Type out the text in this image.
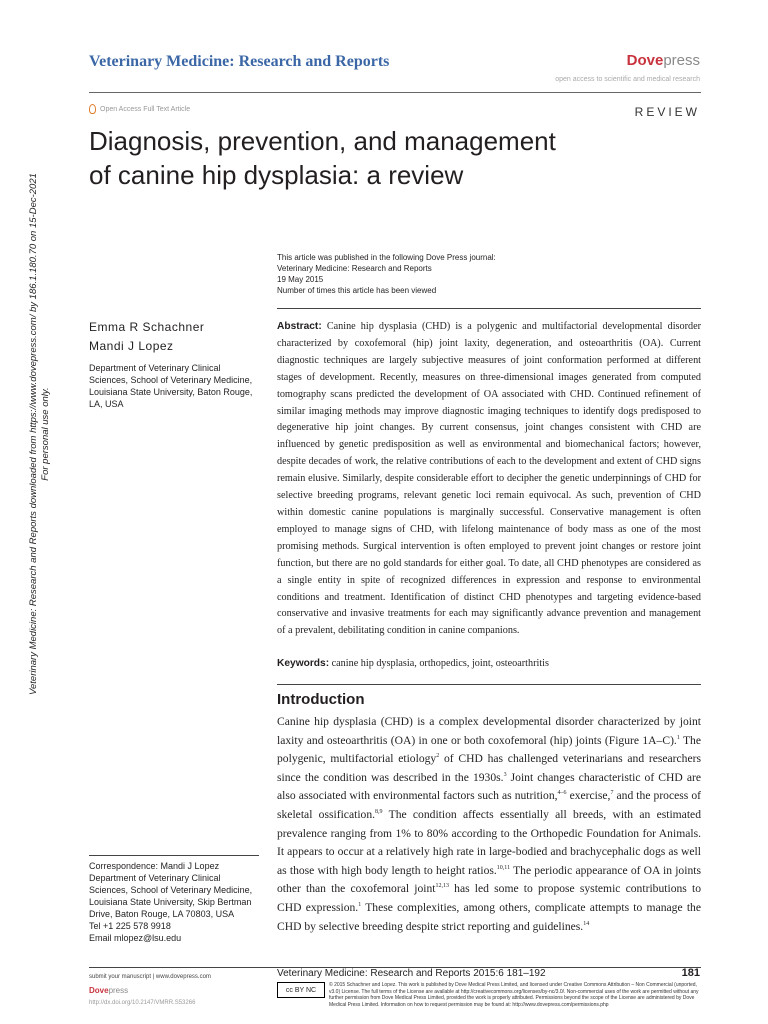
Veterinary Medicine: Research and Reports	Dovepress
open access to scientific and medical research
Open Access Full Text Article	REVIEW
Diagnosis, prevention, and management
of canine hip dysplasia: a review
This article was published in the following Dove Press journal:
Veterinary Medicine: Research and Reports
19 May 2015
Number of times this article has been viewed
Emma R Schachner
Mandi J Lopez
Department of Veterinary Clinical Sciences, School of Veterinary Medicine, Louisiana State University, Baton Rouge, LA, USA
Abstract: Canine hip dysplasia (CHD) is a polygenic and multifactorial developmental disorder characterized by coxofemoral (hip) joint laxity, degeneration, and osteoarthritis (OA). Current diagnostic techniques are largely subjective measures of joint conformation performed at different stages of development. Recently, measures on three-dimensional images generated from computed tomography scans predicted the development of OA associated with CHD. Continued refinement of similar imaging methods may improve diagnostic imaging techniques to identify dogs predisposed to degenerative hip joint changes. By current consensus, joint changes consistent with CHD are influenced by genetic predisposition as well as environmental and biomechanical factors; however, despite decades of work, the relative contributions of each to the development and extent of CHD signs remain elusive. Similarly, despite considerable effort to decipher the genetic underpinnings of CHD for selective breeding programs, relevant genetic loci remain equivocal. As such, prevention of CHD within domestic canine populations is marginally successful. Conservative management is often employed to manage signs of CHD, with lifelong maintenance of body mass as one of the most promising methods. Surgical intervention is often employed to prevent joint changes or restore joint function, but there are no gold standards for either goal. To date, all CHD phenotypes are considered as a single entity in spite of recognized differences in expression and response to environmental conditions and treatment. Identification of distinct CHD phenotypes and targeting evidence-based conservative and invasive treatments for each may significantly advance prevention and management of a prevalent, debilitating condition in canine companions.
Keywords: canine hip dysplasia, orthopedics, joint, osteoarthritis
Introduction
Canine hip dysplasia (CHD) is a complex developmental disorder characterized by joint laxity and osteoarthritis (OA) in one or both coxofemoral (hip) joints (Figure 1A–C).$^1$ The polygenic, multifactorial etiology$^2$ of CHD has challenged veterinarians and researchers since the condition was described in the 1930s.$^3$ Joint changes characteristic of CHD are also associated with environmental factors such as nutrition,$^{4-6}$ exercise,$^7$ and the process of skeletal ossification.$^{8,9}$ The condition affects essentially all breeds, with an estimated prevalence ranging from 1% to 80% according to the Orthopedic Foundation for Animals. It appears to occur at a relatively high rate in large-bodied and brachycephalic dogs as well as those with high body length to height ratios.$^{10,11}$ The periodic appearance of OA in joints other than the coxofemoral joint$^{12,13}$ has led some to propose systemic contributions to CHD expression.$^1$ These complexities, among others, complicate attempts to manage the CHD by selective breeding despite strict reporting and guidelines.$^{14}$
Correspondence: Mandi J Lopez
Department of Veterinary Clinical
Sciences, School of Veterinary Medicine,
Louisiana State University, Skip Bertman
Drive, Baton Rouge, LA 70803, USA
Tel +1 225 578 9918
Email mlopez@lsu.edu
submit your manuscript | www.dovepress.com
Dovepress
http://dx.doi.org/10.2147/VMRR.S53266
Veterinary Medicine: Research and Reports 2015:6 181–192	181
cc BY NC
© 2015 Schachner and Lopez. This work is published by Dove Medical Press Limited, and licensed under Creative Commons Attribution – Non Commercial (unported, v3.0) License. The full terms of the License are available at http://creativecommons.org/licenses/by-nc/3.0/. Non-commercial uses of the work are permitted without any further permission from Dove Medical Press Limited, provided the work is properly attributed. Permissions beyond the scope of the License are administered by Dove Medical Press Limited. Information on how to request permission may be found at: http://www.dovepress.com/permissions.php
Veterinary Medicine: Research and Reports downloaded from https://www.dovepress.com/ by 186.1.180.70 on 15-Dec-2021 For personal use only.
